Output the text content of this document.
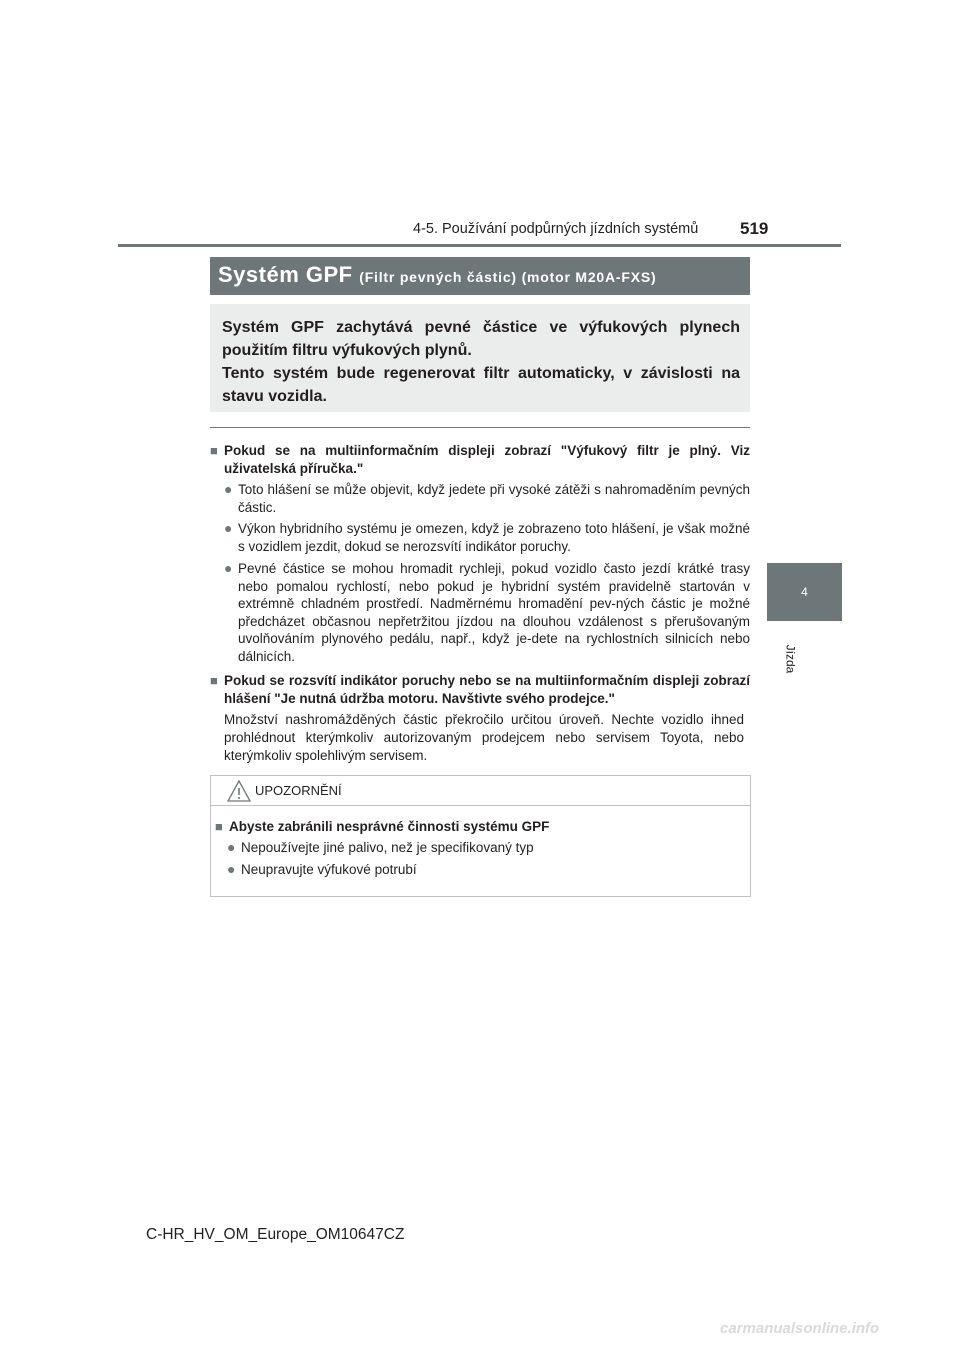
4-5. Používání podpůrných jízdních systémů 519
4
Jízda
Systém GPF (Filtr pevných částic) (motor M20A-FXS)

Systém GPF zachytává pevné částice ve výfukových plynech

použitím filtru výfukových plynů.

Tento systém bude regenerovat filtr automaticky, v závislosti na

stavu vozidla.

■ Pokud se na multiinformačním displeji zobrazí "Výfukový filtr je plný. Viz uživatelská příručka."
● Toto hlášení se může objevit, když jedete při vysoké zátěži s nahromaděním pevných částic.
● Výkon hybridního systému je omezen, když je zobrazeno toto hlášení, je však možné s vozidlem jezdit, dokud se nerozsvítí indikátor poruchy.
● Pevné částice se mohou hromadit rychleji, pokud vozidlo často jezdí krátké trasy nebo pomalou rychlostí, nebo pokud je hybridní systém pravidelně startován v extrémně chladném prostředí. Nadměrnému hromadění pev-ných částic je možné předcházet občasnou nepřetržitou jízdou na dlouhou vzdálenost s přerušovaným uvolňováním plynového pedálu, např., když je-dete na rychlostních silnicích nebo dálnicích.
■ Pokud se rozsvítí indikátor poruchy nebo se na multiinformačním displeji zobrazí hlášení "Je nutná údržba motoru. Navštivte svého prodejce."
Množství nashromážděných částic překročilo určitou úroveň. Nechte vozidlo ihned prohlédnout kterýmkoliv autorizovaným prodejcem nebo servisem Toyota, nebo kterýmkoliv spolehlivým servisem.
UPOZORNĚNÍ
■ Abyste zabránili nesprávné činnosti systému GPF
● Nepoužívejte jiné palivo, než je specifikovaný typ
● Neupravujte výfukové potrubí
C-HR_HV_OM_Europe_OM10647CZ
carmanualsonline.info
